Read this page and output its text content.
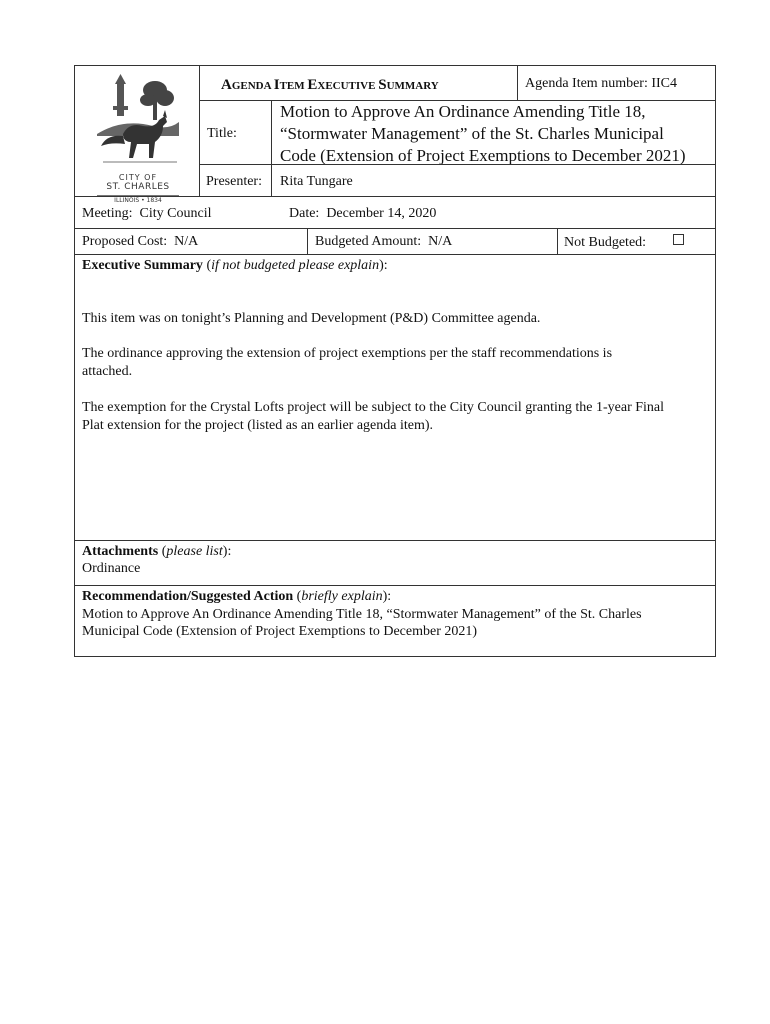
CITY OF
ST. CHARLES
ILLINOIS • 1834
AGENDA ITEM EXECUTIVE SUMMARY	Agenda Item number: IIC4
Title:
Motion to Approve An Ordinance Amending Title 18,
“Stormwater Management” of the St. Charles Municipal
Code (Extension of Project Exemptions to December 2021)
Presenter: Rita Tungare
Meeting:  City Council	Date:  December 14, 2020
Proposed Cost:  N/A	Budgeted Amount:  N/A	Not Budgeted:
Executive Summary (if not budgeted please explain):
This item was on tonight’s Planning and Development (P&D) Committee agenda.
The ordinance approving the extension of project exemptions per the staff recommendations is
attached.
The exemption for the Crystal Lofts project will be subject to the City Council granting the 1-year Final
Plat extension for the project (listed as an earlier agenda item).
Attachments (please list):
Ordinance
Recommendation/Suggested Action (briefly explain):
Motion to Approve An Ordinance Amending Title 18, “Stormwater Management” of the St. Charles
Municipal Code (Extension of Project Exemptions to December 2021)
